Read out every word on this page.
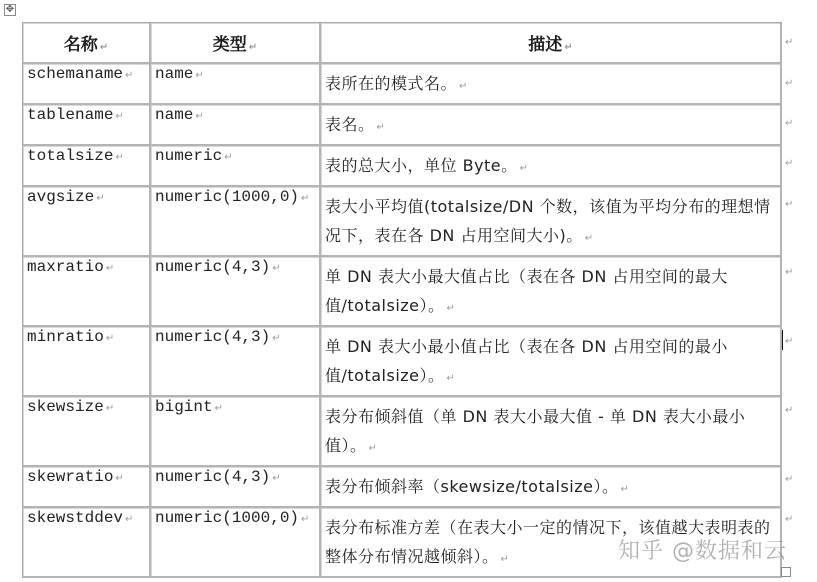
✥
名称 ↵	类型 ↵	描述 ↵
schemaname ↵	name ↵	表所在的模式名。 ↵
tablename ↵	name ↵	表名。 ↵
totalsize ↵	numeric ↵	表的总大小，单位 Byte。 ↵
avgsize ↵	numeric(1000,0) ↵	表大小平均值(totalsize/DN 个数，该值为平均分布的理想情况下，表在各 DN 占用空间大小)。 ↵
maxratio ↵	numeric(4,3) ↵	单 DN 表大小最大值占比（表在各 DN 占用空间的最大值/totalsize）。 ↵
minratio ↵	numeric(4,3) ↵	单 DN 表大小最小值占比（表在各 DN 占用空间的最小值/totalsize）。 ↵
skewsize ↵	bigint ↵	表分布倾斜值（单 DN 表大小最大值 - 单 DN 表大小最小值）。 ↵
skewratio ↵	numeric(4,3) ↵	表分布倾斜率（skewsize/totalsize）。 ↵
skewstddev ↵	numeric(1000,0) ↵	表分布标准方差（在表大小一定的情况下，该值越大表明表的整体分布情况越倾斜）。 ↵
↵
↵
↵
↵
↵
↵
↵
↵
↵
↵
知乎 @数据和云
